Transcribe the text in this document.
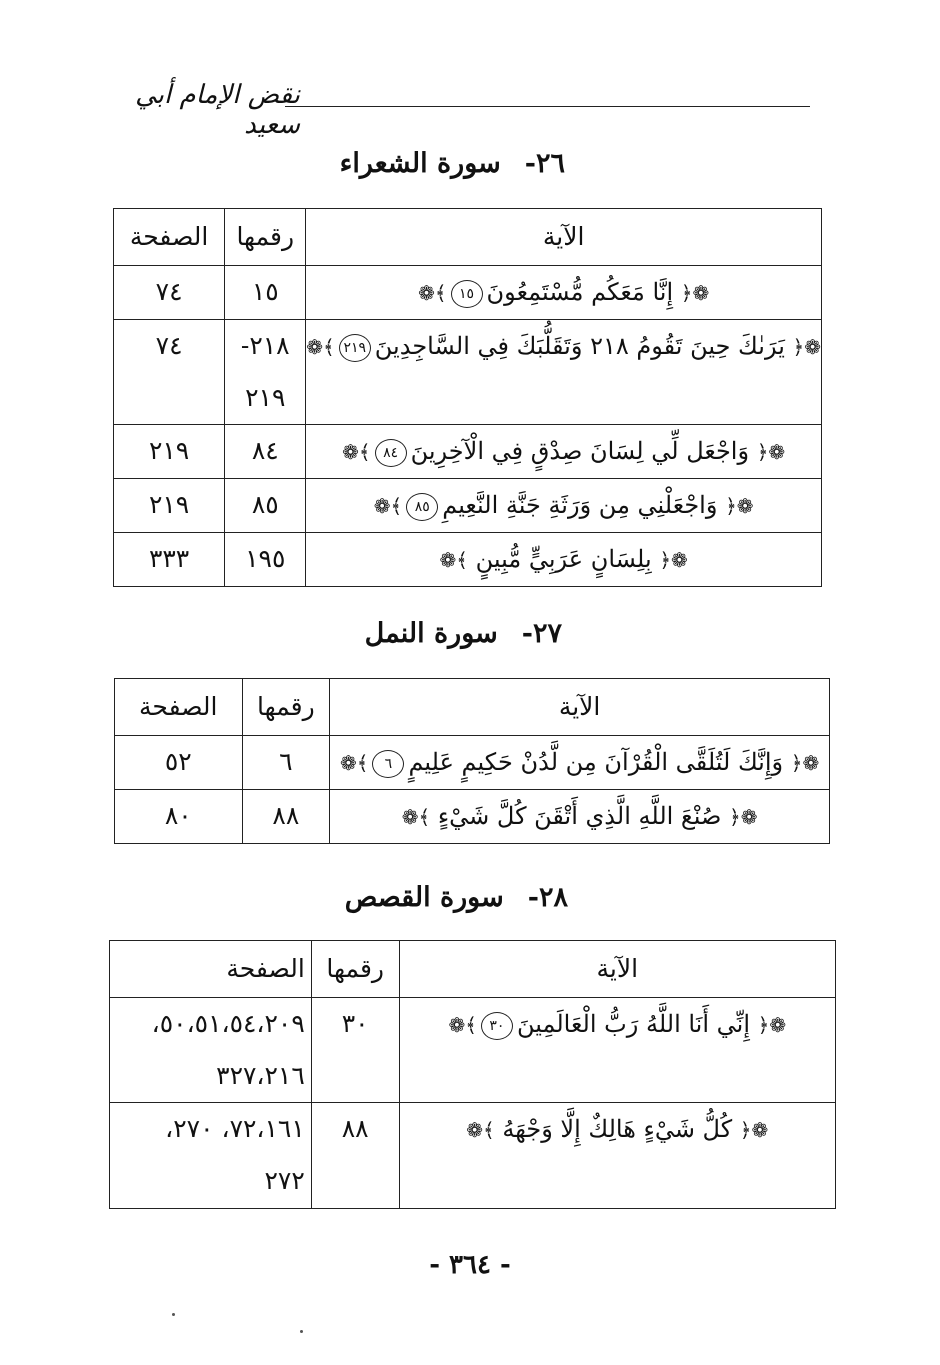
نقض الإمام أبي سعيد
٢٦-سورة الشعراء
الآية	رقمها	الصفحة

❁﴿ إِنَّا مَعَكُم مُّسْتَمِعُونَ١٥﴾❁	١٥	٧٤

❁﴿ يَرَىٰكَ حِينَ تَقُومُ ٢١٨ وَتَقَلُّبَكَ فِي السَّاجِدِينَ٢١٩﴾❁	٢١٨-
٢١٩	٧٤

❁﴿ وَاجْعَل لِّي لِسَانَ صِدْقٍ فِي الْآخِرِينَ٨٤﴾❁	٨٤	٢١٩

❁﴿ وَاجْعَلْنِي مِن وَرَثَةِ جَنَّةِ النَّعِيمِ٨٥﴾❁	٨٥	٢١٩

❁﴿ بِلِسَانٍ عَرَبِيٍّ مُّبِينٍ ﴾❁	١٩٥	٣٣٣
٢٧-سورة النمل
الآية	رقمها	الصفحة

❁﴿ وَإِنَّكَ لَتُلَقَّى الْقُرْآنَ مِن لَّدُنْ حَكِيمٍ عَلِيمٍ٦﴾❁	٦	٥٢

❁﴿ صُنْعَ اللَّهِ الَّذِي أَتْقَنَ كُلَّ شَيْءٍ ﴾❁	٨٨	٨٠
٢٨-سورة القصص
الآية	رقمها	الصفحة

❁﴿ إِنِّي أَنَا اللَّهُ رَبُّ الْعَالَمِينَ٣٠﴾❁	٣٠	٥٠،٥١،٥٤،٢٠٩،
٣٢٧،٢١٦

❁﴿ كُلُّ شَيْءٍ هَالِكٌ إِلَّا وَجْهَهُ ﴾❁	٨٨	٧٢،١٦١، ٢٧٠،
٢٧٢
- ٣٦٤ -
